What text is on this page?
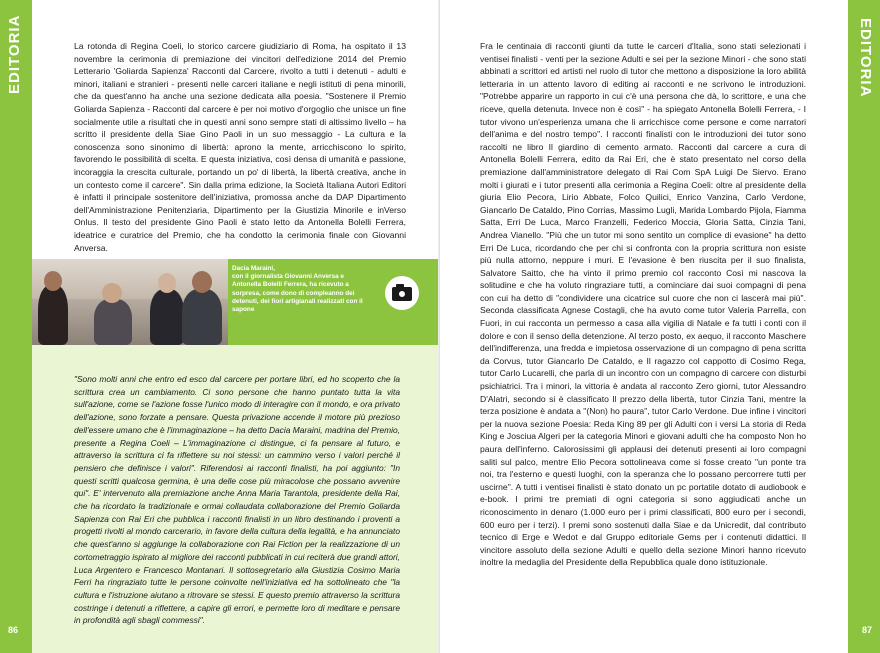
EDITORIA
86

La rotonda di Regina Coeli, lo storico carcere giudiziario di Roma, ha ospitato il 13 novembre la cerimonia di premiazione dei vincitori dell'edizione 2014 del Premio Letterario 'Goliarda Sapienza' Racconti dal Carcere, rivolto a tutti i detenuti - adulti e minori, italiani e stranieri - presenti nelle carceri italiane e negli istituti di pena minorili, che da quest'anno ha anche una sezione dedicata alla poesia. "Sostenere il Premio Goliarda Sapienza - Racconti dal carcere è per noi motivo d'orgoglio che unisce un fine socialmente utile a risultati che in questi anni sono sempre stati di altissimo livello – ha scritto il presidente della Siae Gino Paoli in un suo messaggio - La cultura e la conoscenza sono sinonimo di libertà: aprono la mente, arricchiscono lo spirito, favorendo le possibilità di scelta. E questa iniziativa, così densa di umanità e passione, incoraggia la crescita culturale, portando un po' di libertà, la libertà creativa, anche in un contesto come il carcere". Sin dalla prima edizione, la Società Italiana Autori Editori è infatti il principale sostenitore dell'iniziativa, promossa anche da DAP Dipartimento dell'Amministrazione Penitenziaria, Dipartimento per la Giustizia Minorile e inVerso Onlus. Il testo del presidente Gino Paoli è stato letto da Antonella Bolelli Ferrera, ideatrice e curatrice del Premio, che ha condotto la cerimonia finale con Giovanni Anversa.

Dacia Maraini,
con il giornalista Giovanni Anversa e Antonella Bolelli Ferrera, ha ricevuto a sorpresa, come dono di compleanno dei detenuti, dei fiori artigianali realizzati con il sapone
"Sono molti anni che entro ed esco dal carcere per portare libri, ed ho scoperto che la scrittura crea un cambiamento. Ci sono persone che hanno puntato tutta la vita sull'azione, come se l'azione fosse l'unico modo di interagire con il mondo, e ora privato dell'azione, sono forzate a pensare. Questa privazione accende il motore più prezioso dell'essere umano che è l'immaginazione – ha detto Dacia Maraini, madrina del Premio, presente a Regina Coeli – L'immaginazione ci distingue, ci fa pensare al futuro, e attraverso la scrittura ci fa riflettere su noi stessi: un cammino verso i valori perché il pensiero che definisce i valori". Riferendosi ai racconti finalisti, ha poi aggiunto: "In questi scritti qualcosa germina, è una delle cose più miracolose che possano avvenire qui". E' intervenuto alla premiazione anche Anna Maria Tarantola, presidente della Rai, che ha ricordato la tradizionale e ormai collaudata collaborazione del Premio Goliarda Sapienza con Rai Eri che pubblica i racconti finalisti in un libro destinando i proventi a progetti rivolti al mondo carcerario, in favore della cultura della legalità, e ha annunciato che quest'anno si aggiunge la collaborazione con Rai Fiction per la realizzazione di un cortometraggio ispirato al migliore dei racconti pubblicati in cui reciterà due grandi attori, Luca Argentero e Francesco Montanari. Il sottosegretario alla Giustizia Cosimo Maria Ferri ha ringraziato tutte le persone coinvolte nell'iniziativa ed ha sottolineato che "la cultura e l'istruzione aiutano a ritrovare se stessi. E questo premio attraverso la scrittura costringe i detenuti a riflettere, a capire gli errori, e permette loro di meditare e pensare in profondità agli sbagli commessi".
EDITORIA
87

Fra le centinaia di racconti giunti da tutte le carceri d'Italia, sono stati selezionati i ventisei finalisti - venti per la sezione Adulti e sei per la sezione Minori - che sono stati abbinati a scrittori ed artisti nel ruolo di tutor che mettono a disposizione la loro abilità letteraria in un attento lavoro di editing ai racconti e ne scrivono le introduzioni. "Potrebbe apparire un rapporto in cui c'è una persona che dà, lo scrittore, e una che riceve, quella detenuta. Invece non è così" - ha spiegato Antonella Bolelli Ferrera, - I tutor vivono un'esperienza umana che li arricchisce come persone e come narratori dell'anima e del nostro tempo". I racconti finalisti con le introduzioni dei tutor sono raccolti ne libro Il giardino di cemento armato. Racconti dal carcere a cura di Antonella Bolelli Ferrera, edito da Rai Eri, che è stato presentato nel corso della premiazione dall'amministratore delegato di Rai Com SpA Luigi De Siervo. Erano molti i giurati e i tutor presenti alla cerimonia a Regina Coeli: oltre al presidente della giuria Elio Pecora, Lirio Abbate, Folco Quilici, Enrico Vanzina, Carlo Verdone, Giancarlo De Cataldo, Pino Corrias, Massimo Lugli, Marida Lombardo Pijola, Fiamma Satta, Erri De Luca, Marco Franzelli, Federico Moccia, Gloria Satta, Cinzia Tani, Andrea Vianello. "Più che un tutor mi sono sentito un complice di evasione" ha detto Erri De Luca, ricordando che per chi si confronta con la propria scrittura non esiste più nulla attorno, neppure i muri. E l'evasione è ben riuscita per il suo finalista, Salvatore Saitto, che ha vinto il primo premio col racconto Così mi nascova la solitudine e che ha voluto ringraziare tutti, a cominciare dai suoi compagni di pena con cui ha detto di "condividere una cicatrice sul cuore che non ci lascerà mai più". Seconda classificata Agnese Costagli, che ha avuto come tutor Valeria Parrella, con Fuori, in cui racconta un permesso a casa alla vigilia di Natale e fa tutti i conti con il dolore e con il senso della detenzione. Al terzo posto, ex aequo, il racconto Maschere dell'indifferenza, una fredda e impietosa osservazione di un compagno di pena scritta da Corvus, tutor Giancarlo De Cataldo, e Il ragazzo col cappotto di Cosimo Rega, tutor Carlo Lucarelli, che parla di un incontro con un compagno di carcere con disturbi psichiatrici. Tra i minori, la vittoria è andata al racconto Zero giorni, tutor Alessandro D'Alatri, secondo si è classificato Il prezzo della libertà, tutor Cinzia Tani, mentre la terza posizione è andata a "(Non) ho paura", tutor Carlo Verdone. Due infine i vincitori per la nuova sezione Poesia: Reda King 89 per gli Adulti con i versi La storia di Reda King e Josciua Algeri per la categoria Minori e giovani adulti che ha composto Non ho paura dell'inferno. Calorosissimi gli applausi dei detenuti presenti ai loro compagni saliti sul palco, mentre Elio Pecora sottolineava come si fosse creato "un ponte tra noi, tra l'esterno e questi luoghi, con la speranza che lo possano percorrere tutti per uscirne". A tutti i ventisei finalisti è stato donato un pc portatile dotato di audiobook e e-book. I primi tre premiati di ogni categoria si sono aggiudicati anche un riconoscimento in denaro (1.000 euro per i primi classificati, 800 euro per i secondi, 600 euro per i terzi). I premi sono sostenuti dalla Siae e da Unicredit, dal contributo tecnico di Erge e Wedot e dal Gruppo editoriale Gems per i contenuti didattici. Il vincitore assoluto della sezione Adulti e quello della sezione Minori hanno ricevuto inoltre la medaglia del Presidente della Repubblica quale dono istituzionale.
